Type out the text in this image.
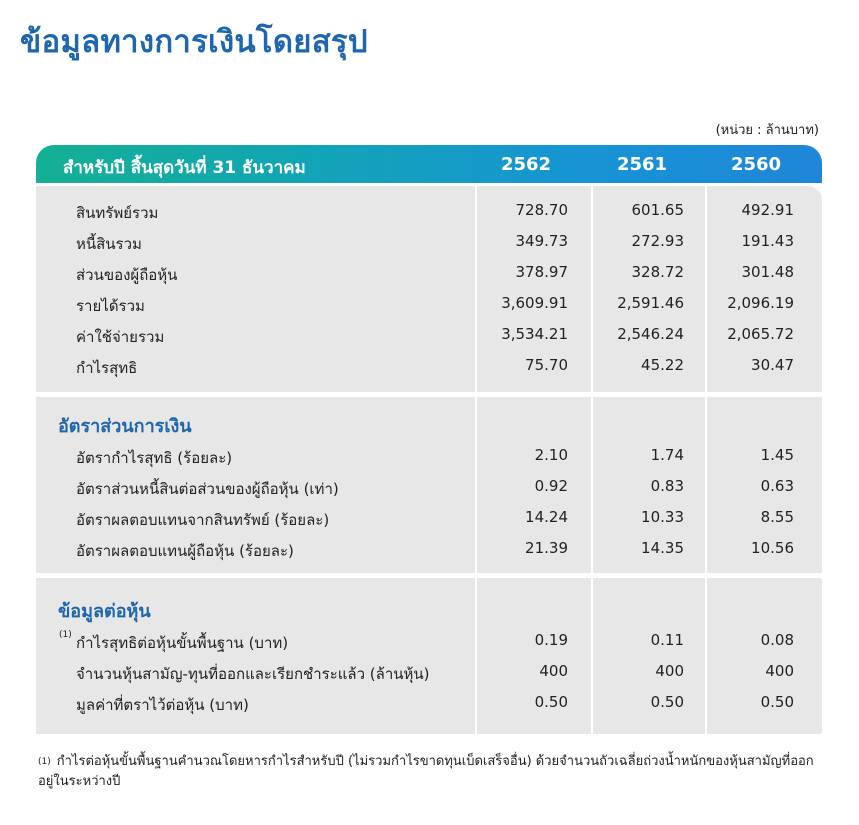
ข้อมูลทางการเงินโดยสรุป
(หน่วย : ล้านบาท)
สำหรับปี สิ้นสุดวันที่ 31 ธันวาคม	2562	2561	2560
สินทรัพย์รวม	728.70	601.65	492.91
หนี้สินรวม	349.73	272.93	191.43
ส่วนของผู้ถือหุ้น	378.97	328.72	301.48
รายได้รวม	3,609.91	2,591.46	2,096.19
ค่าใช้จ่ายรวม	3,534.21	2,546.24	2,065.72
กำไรสุทธิ	75.70	45.22	30.47
อัตราส่วนการเงิน
อัตรากำไรสุทธิ (ร้อยละ)	2.10	1.74	1.45
อัตราส่วนหนี้สินต่อส่วนของผู้ถือหุ้น (เท่า)	0.92	0.83	0.63
อัตราผลตอบแทนจากสินทรัพย์ (ร้อยละ)	14.24	10.33	8.55
อัตราผลตอบแทนผู้ถือหุ้น (ร้อยละ)	21.39	14.35	10.56
ข้อมูลต่อหุ้น
(1) กำไรสุทธิต่อหุ้นขั้นพื้นฐาน (บาท)	0.19	0.11	0.08
จำนวนหุ้นสามัญ-ทุนที่ออกและเรียกชำระแล้ว (ล้านหุ้น)	400	400	400
มูลค่าที่ตราไว้ต่อหุ้น (บาท)	0.50	0.50	0.50
$^{(1)}$ กำไรต่อหุ้นขั้นพื้นฐานคำนวณโดยหารกำไรสำหรับปี (ไม่รวมกำไรขาดทุนเบ็ดเสร็จอื่น) ด้วยจำนวนถัวเฉลี่ยถ่วงน้ำหนักของหุ้นสามัญที่ออกอยู่ในระหว่างปี
